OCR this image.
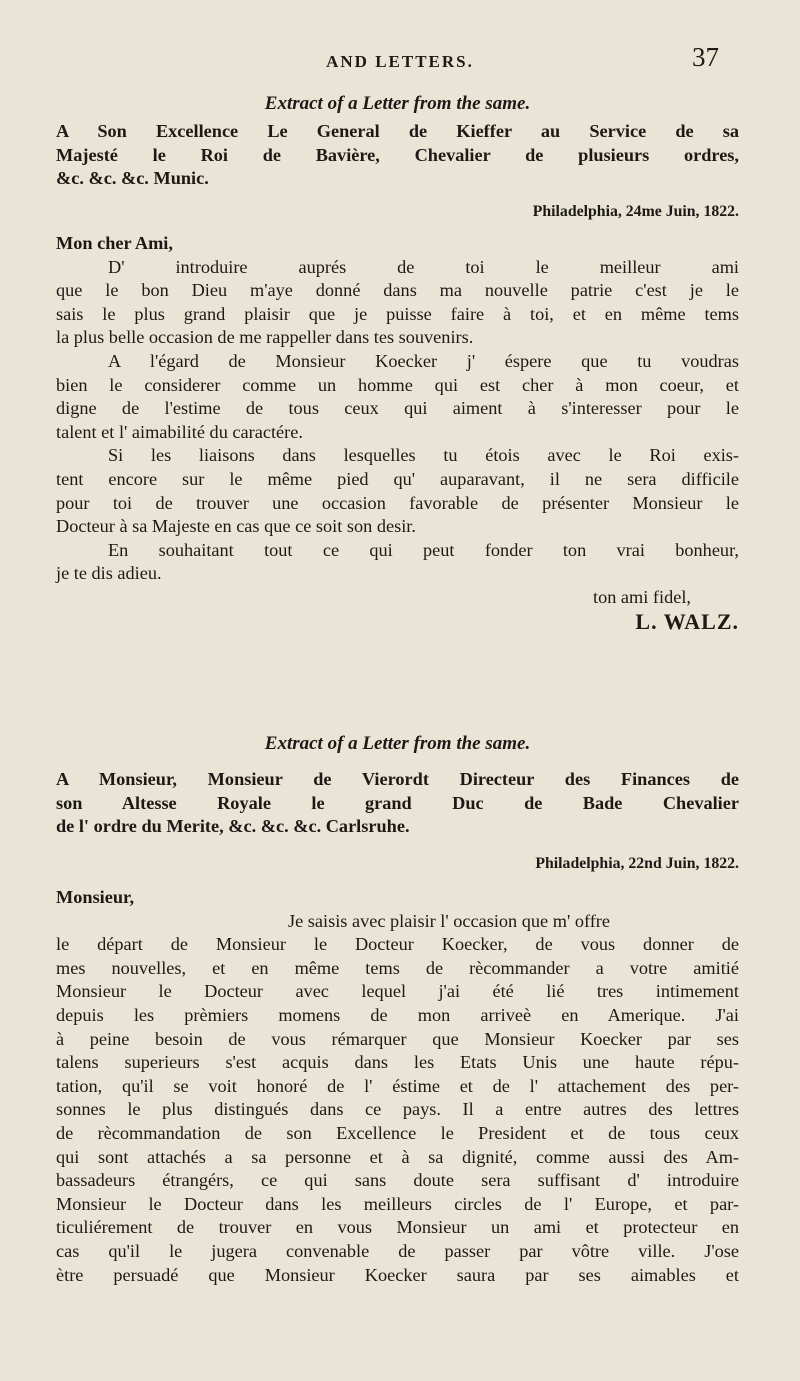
AND LETTERS.	37
Extract of a Letter from the same.
A Son Excellence Le General de Kieffer au Service de sa
Majesté le Roi de Bavière, Chevalier de plusieurs ordres,
&c. &c. &c. Munic.
Philadelphia, 24me Juin, 1822.
Mon cher Ami,
D' introduire auprés de toi le meilleur ami
que le bon Dieu m'aye donné dans ma nouvelle patrie c'est je le
sais le plus grand plaisir que je puisse faire à toi, et en même tems
la plus belle occasion de me rappeller dans tes souvenirs.
A l'égard de Monsieur Koecker j' éspere que tu voudras
bien le considerer comme un homme qui est cher à mon coeur, et
digne de l'estime de tous ceux qui aiment à s'interesser pour le
talent et l' aimabilité du caractére.
Si les liaisons dans lesquelles tu étois avec le Roi exis-
tent encore sur le même pied qu' auparavant, il ne sera difficile
pour toi de trouver une occasion favorable de présenter Monsieur le
Docteur à sa Majeste en cas que ce soit son desir.
En souhaitant tout ce qui peut fonder ton vrai bonheur,
je te dis adieu.
ton ami fidel,
L. WALZ.
Extract of a Letter from the same.
A Monsieur, Monsieur de Vierordt Directeur des Finances de
son Altesse Royale le grand Duc de Bade Chevalier
de l' ordre du Merite, &c. &c. &c. Carlsruhe.
Philadelphia, 22nd Juin, 1822.
Monsieur,
Je saisis avec plaisir l' occasion que m' offre
le départ de Monsieur le Docteur Koecker, de vous donner de
mes nouvelles, et en même tems de rècommander a votre amitié
Monsieur le Docteur avec lequel j'ai été lié tres intimement
depuis les prèmiers momens de mon arriveè en Amerique. J'ai
à peine besoin de vous rémarquer que Monsieur Koecker par ses
talens superieurs s'est acquis dans les Etats Unis une haute répu-
tation, qu'il se voit honoré de l' éstime et de l' attachement des per-
sonnes le plus distingués dans ce pays. Il a entre autres des lettres
de rècommandation de son Excellence le President et de tous ceux
qui sont attachés a sa personne et à sa dignité, comme aussi des Am-
bassadeurs étrangérs, ce qui sans doute sera suffisant d' introduire
Monsieur le Docteur dans les meilleurs circles de l' Europe, et par-
ticuliérement de trouver en vous Monsieur un ami et protecteur en
cas qu'il le jugera convenable de passer par vôtre ville. J'ose
ètre persuadé que Monsieur Koecker saura par ses aimables et
